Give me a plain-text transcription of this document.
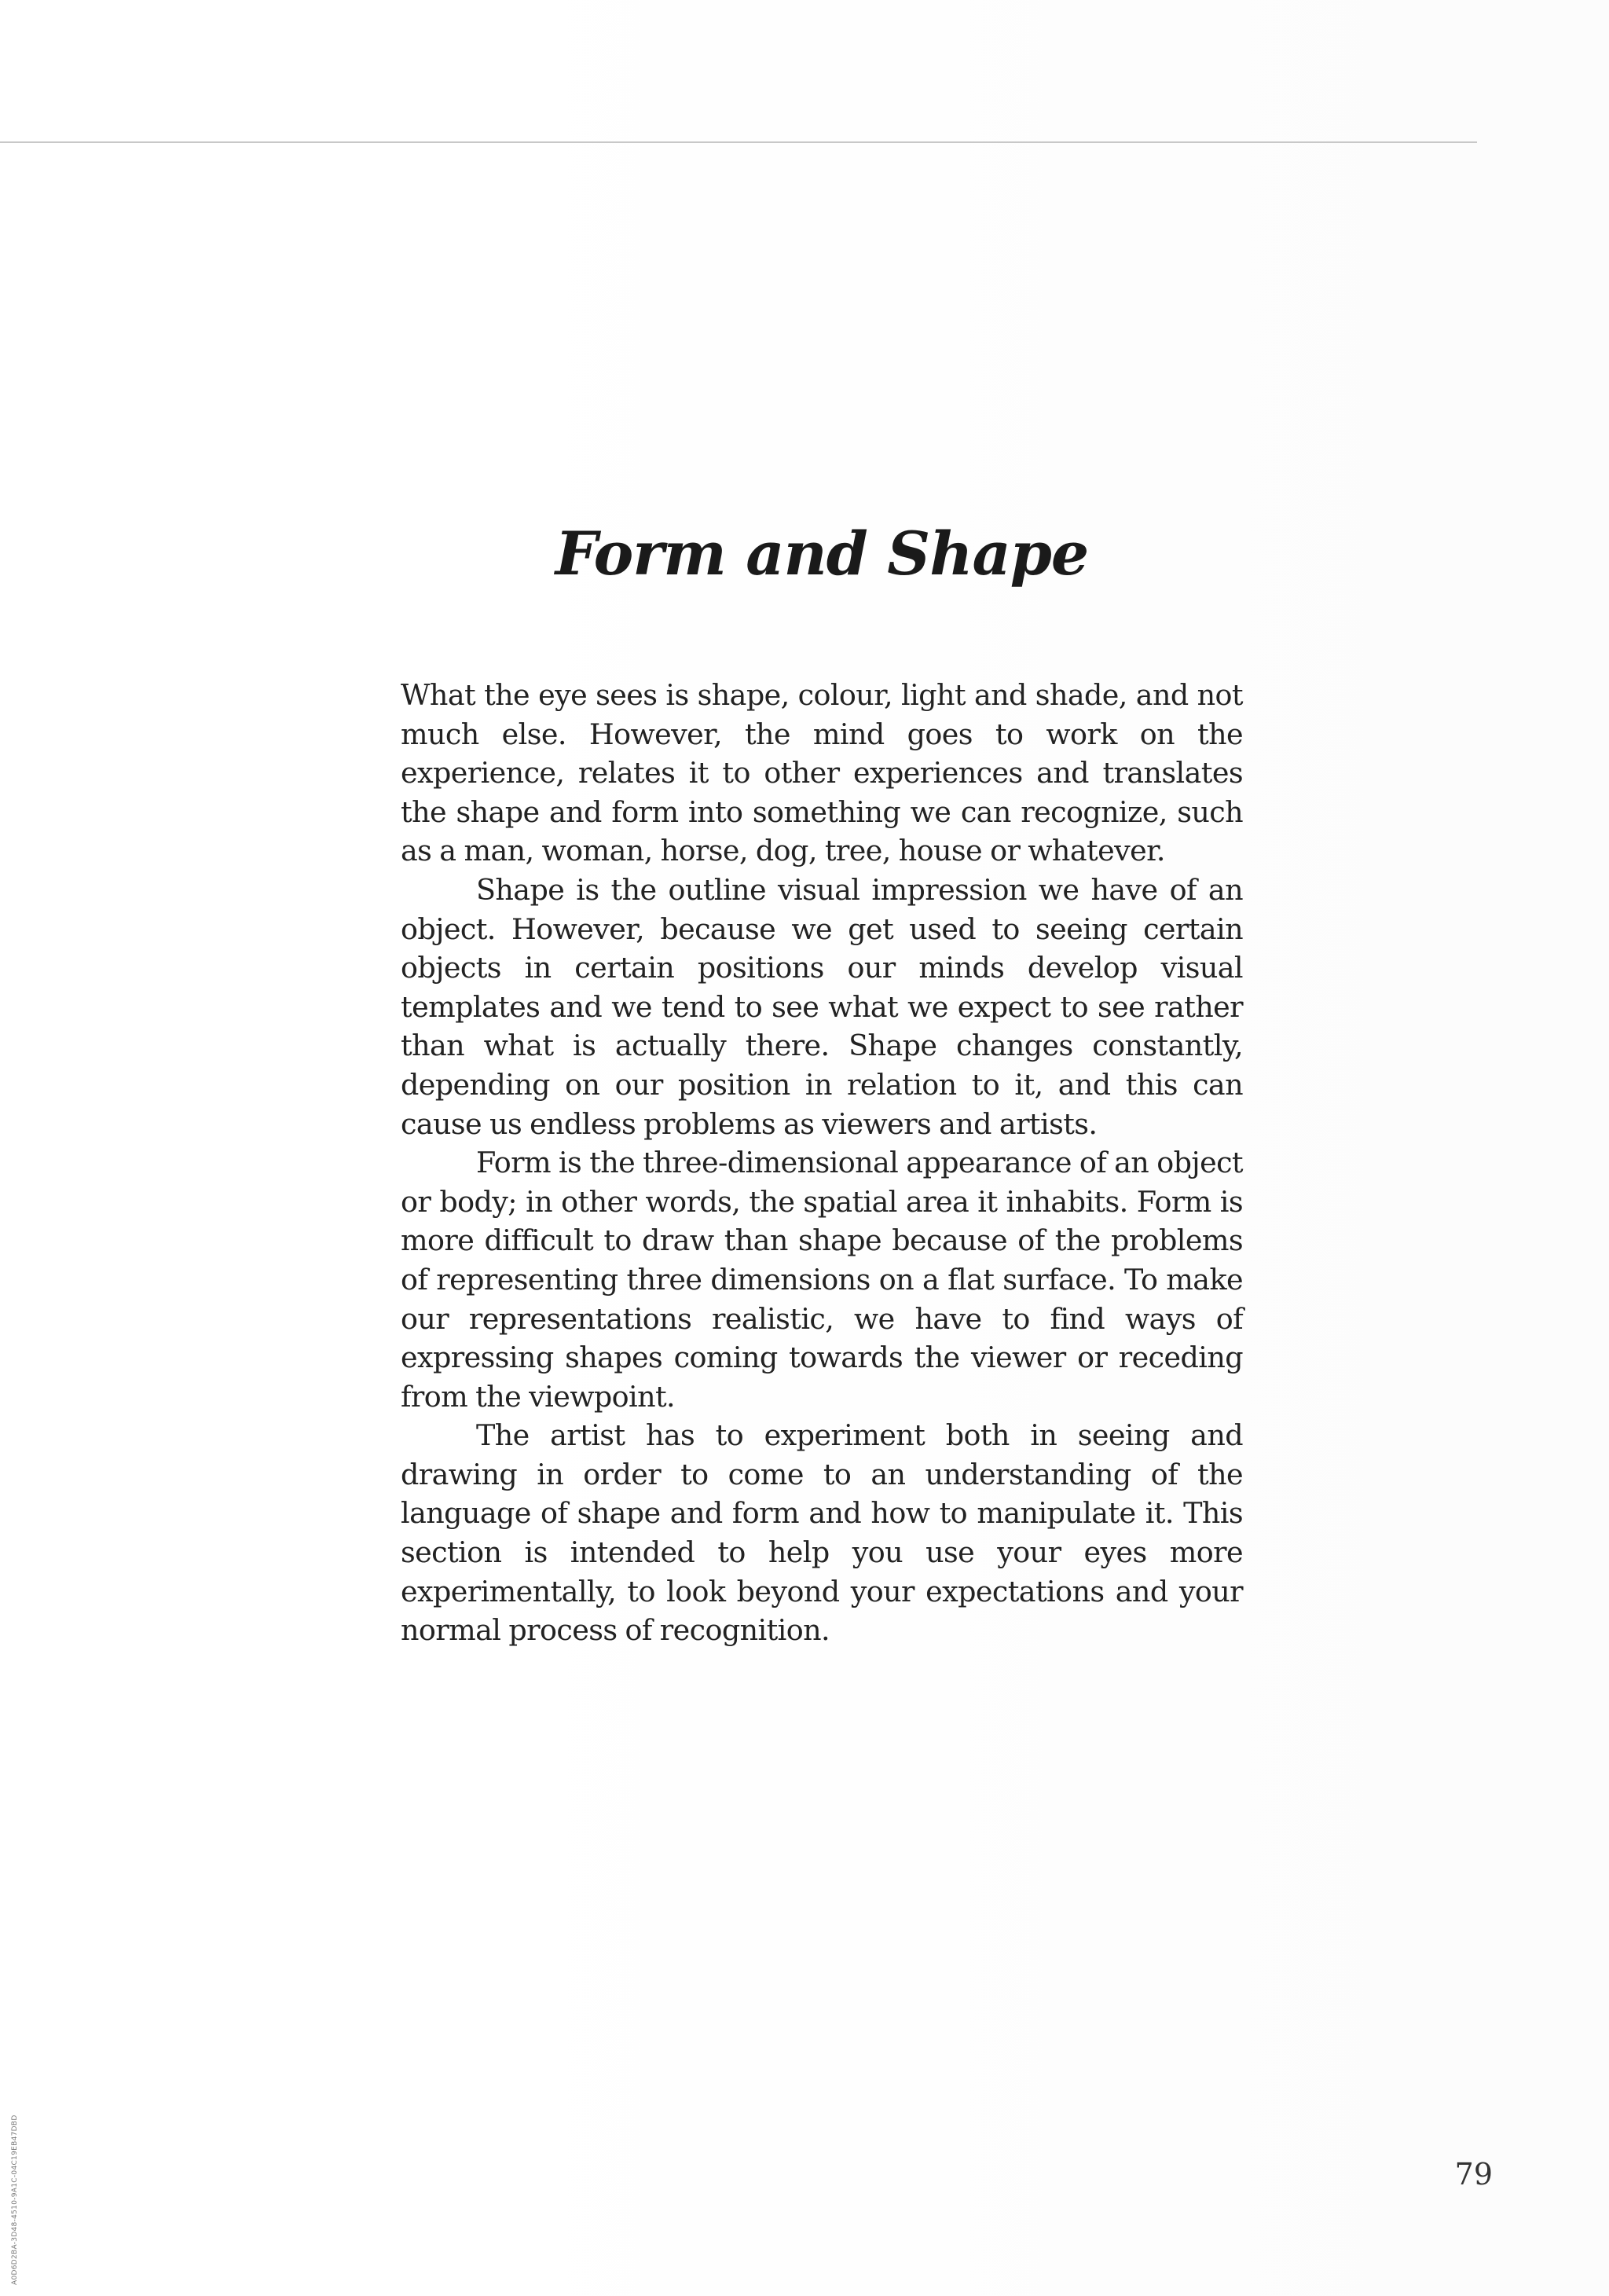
Form and Shape

What the eye sees is shape, colour, light and shade, and not much else. However, the mind goes to work on the experience, relates it to other experiences and translates the shape and form into something we can recognize, such as a man, woman, horse, dog, tree, house or whatever.

Shape is the outline visual impression we have of an object. However, because we get used to seeing certain objects in certain positions our minds develop visual templates and we tend to see what we expect to see rather than what is actually there. Shape changes constantly, depending on our position in relation to it, and this can cause us endless problems as viewers and artists.

Form is the three-dimensional appearance of an object or body; in other words, the spatial area it inhabits. Form is more difficult to draw than shape because of the problems of representing three dimensions on a flat surface. To make our representations realistic, we have to find ways of expressing shapes coming towards the viewer or receding from the viewpoint.

The artist has to experiment both in seeing and drawing in order to come to an understanding of the language of shape and form and how to manipulate it. This section is intended to help you use your eyes more experimentally, to look beyond your expectations and your normal process of recognition.

79
A0D6D2BA-3D48-4510-9A1C-04C19EB47DBD
